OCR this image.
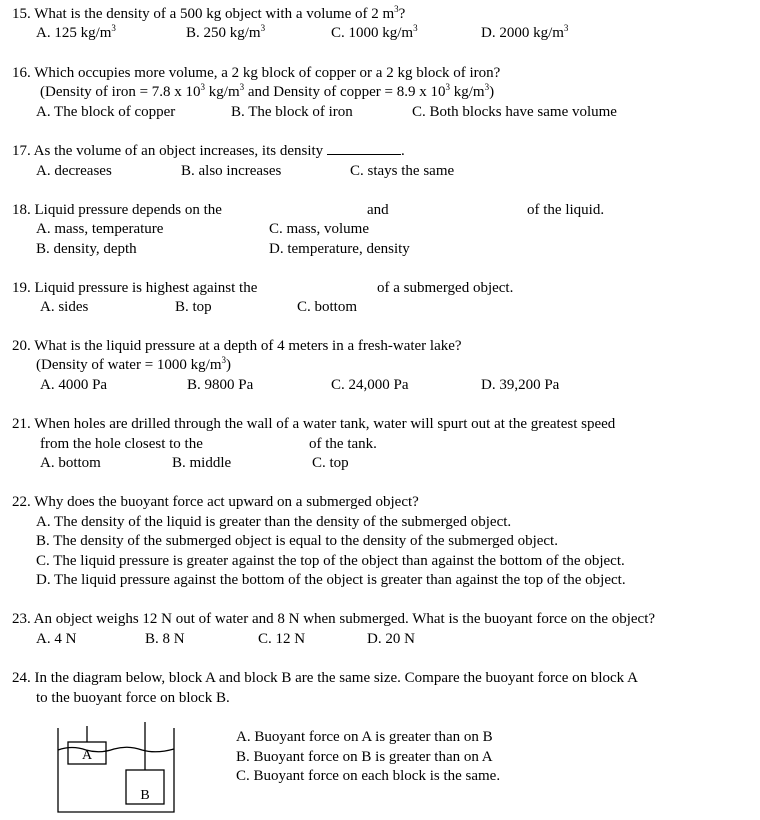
15. What is the density of a 500 kg object with a volume of 2 $m^3$?
A. 125 $kg/m^3$	B. 250 $kg/m^3$	C. 1000 $kg/m^3$	D. 2000 $kg/m^3$
16. Which occupies more volume, a 2 kg block of copper or a 2 kg block of iron?
(Density of iron = 7.8 x $10^3$ $kg/m^3$ and Density of copper = 8.9 x $10^3$ $kg/m^3$)
A. The block of copper	B. The block of iron	C. Both blocks have same volume
17. As the volume of an object increases, its density	.
A. decreases	B. also increases	C. stays the same
18. Liquid pressure depends on the	and	of the liquid.
A. mass, temperature	C. mass, volume
B. density, depth	D. temperature, density
19. Liquid pressure is highest against the	of a submerged object.
A. sides	B. top	C. bottom
20. What is the liquid pressure at a depth of 4 meters in a fresh-water lake?
(Density of water = 1000 $kg/m^3$)
A. 4000 Pa	B. 9800 Pa	C. 24,000 Pa	D. 39,200 Pa
21. When holes are drilled through the wall of a water tank, water will spurt out at the greatest speed
from the hole closest to the	of the tank.
A. bottom	B. middle	C. top
22. Why does the buoyant force act upward on a submerged object?
A. The density of the liquid is greater than the density of the submerged object.
B. The density of the submerged object is equal to the density of the submerged object.
C. The liquid pressure is greater against the top of the object than against the bottom of the object.
D. The liquid pressure against the bottom of the object is greater than against the top of the object.
23. An object weighs 12 N out of water and 8 N when submerged. What is the buoyant force on the object?
A. 4 N	B. 8 N	C. 12 N	D. 20 N
24. In the diagram below, block A and block B are the same size. Compare the buoyant force on block A
to the buoyant force on block B.
A. Buoyant force on A is greater than on B
B. Buoyant force on B is greater than on A
C. Buoyant force on each block is the same.
A
B
